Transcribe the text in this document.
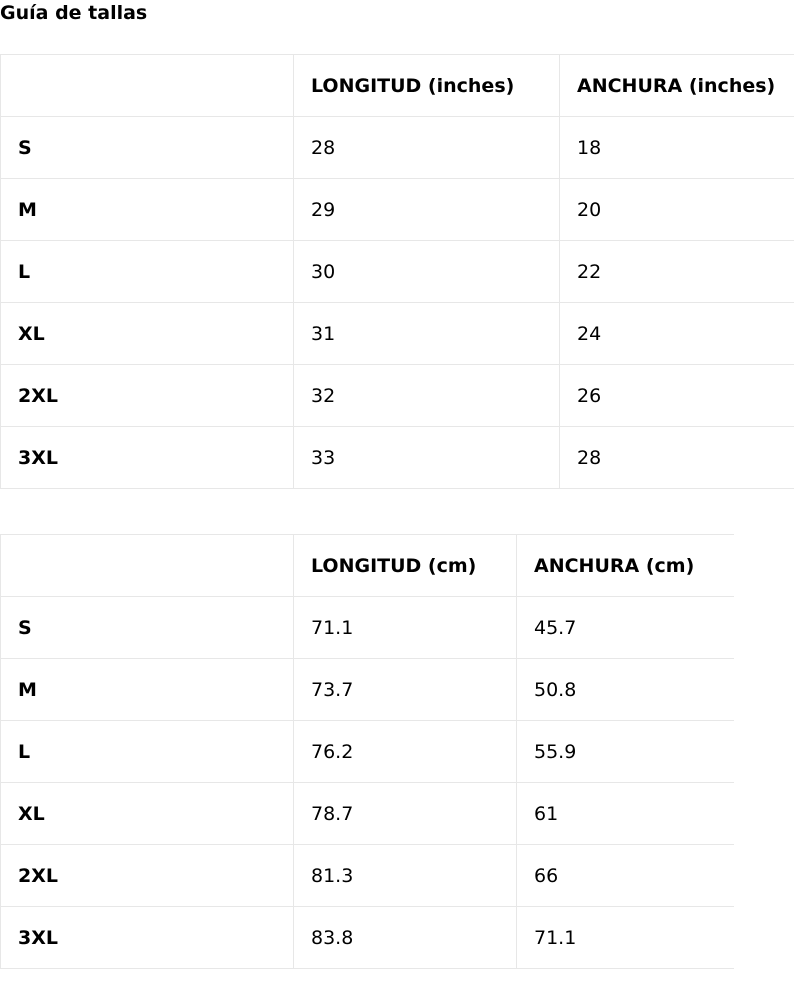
Guía de tallas
	LONGITUD (inches)	ANCHURA (inches)
S	28	18
M	29	20
L	30	22
XL	31	24
2XL	32	26
3XL	33	28
	LONGITUD (cm)	ANCHURA (cm)
S	71.1	45.7
M	73.7	50.8
L	76.2	55.9
XL	78.7	61
2XL	81.3	66
3XL	83.8	71.1
